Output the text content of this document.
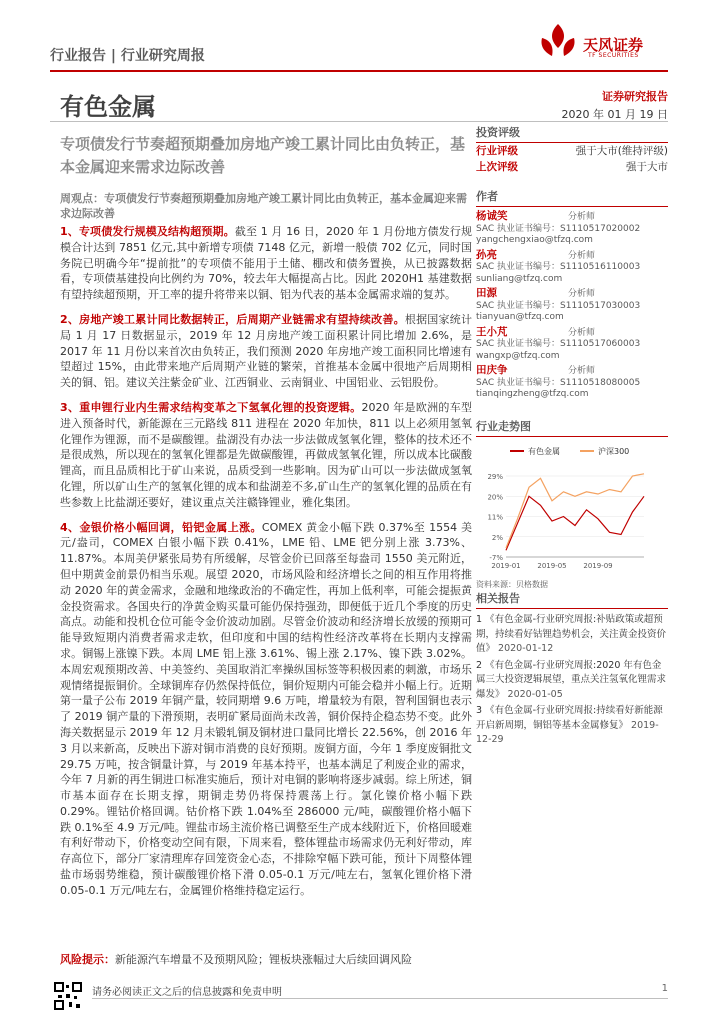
行业报告 | 行业研究周报
天风证券
TF SECURITIES
有色金属	证券研究报告
2020 年 01 月 19 日
专项债发行节奏超预期叠加房地产竣工累计同比由负转正，基本金属迎来需求边际改善
周观点：专项债发行节奏超预期叠加房地产竣工累计同比由负转正，基本金属迎来需求边际改善

1、专项债发行规模及结构超预期。截至 1 月 16 日，2020 年 1 月份地方债发行规模合计达到 7851 亿元,其中新增专项债 7148 亿元，新增一般债 702 亿元，同时国务院已明确今年“提前批”的专项债不能用于土储、棚改和债务置换，从已披露数据看，专项债基建投向比例约为 70%，较去年大幅提高占比。因此 2020H1 基建数据有望持续超预期，开工率的提升将带来以铜、铝为代表的基本金属需求端的复苏。

2、房地产竣工累计同比数据转正，后周期产业链需求有望持续改善。根据国家统计局 1 月 17 日数据显示，2019 年 12 月房地产竣工面积累计同比增加 2.6%，是 2017 年 11 月份以来首次由负转正，我们预测 2020 年房地产竣工面积同比增速有望超过 15%，由此带来地产后周期产业链的繁荣，首推基本金属中很地产后周期相关的铜、铝。建议关注紫金矿业、江西铜业、云南铜业、中国铝业、云铝股份。

3、重申锂行业内生需求结构变革之下氢氧化锂的投资逻辑。2020 年是欧洲的车型进入预备时代，新能源在三元路线 811 进程在 2020 年加快，811 以上必须用氢氧化锂作为锂源，而不是碳酸锂。盐湖没有办法一步法做成氢氧化锂，整体的技术还不是很成熟，所以现在的氢氧化锂都是先做碳酸锂，再做成氢氧化锂，所以成本比碳酸锂高，而且品质相比于矿山来说，品质受到一些影响。因为矿山可以一步法做成氢氧化锂，所以矿山生产的氢氧化锂的成本和盐湖差不多,矿山生产的氢氧化锂的品质在有些参数上比盐湖还要好，建议重点关注赣锋锂业，雅化集团。

4、金银价格小幅回调，铅钯金属上涨。COMEX 黄金小幅下跌 0.37%至 1554 美元/盎司，COMEX 白银小幅下跌 0.41%，LME 铅、LME 钯分别上涨 3.73%、11.87%。本周美伊紧张局势有所缓解，尽管金价已回落至每盎司 1550 美元附近，但中期黄金前景仍相当乐观。展望 2020，市场风险和经济增长之间的相互作用将推动 2020 年的黄金需求，金融和地缘政治的不确定性，再加上低利率，可能会提振黄金投资需求。各国央行的净黄金购买量可能仍保持强劲，即便低于近几个季度的历史高点。动能和投机仓位可能令金价波动加剧。尽管金价波动和经济增长放缓的预期可能导致短期内消费者需求走软，但印度和中国的结构性经济改革将在长期内支撑需求。铜锡上涨镍下跌。本周 LME 铝上涨 3.61%、锡上涨 2.17%、镍下跌 3.02%。本周宏观预期改善、中美签约、美国取消汇率操纵国标签等积极因素的刺激，市场乐观情绪提振铜价。全球铜库存仍然保持低位，铜价短期内可能会稳并小幅上行。近期第一量子公布 2019 年铜产量，较同期增 9.6 万吨，增量较为有限，智利国铜也表示了 2019 铜产量的下滑预期，表明矿紧局面尚未改善，铜价保持企稳态势不变。此外海关数据显示 2019 年 12 月未锻轧铜及铜材进口量同比增长 22.56%，创 2016 年 3 月以来新高，反映出下游对铜市消费的良好预期。废铜方面，今年 1 季度废铜批文 29.75 万吨，按含铜量计算，与 2019 年基本持平，也基本满足了利废企业的需求，今年 7 月新的再生铜进口标准实施后，预计对电铜的影响将逐步减弱。综上所述，铜市基本面存在长期支撑，期铜走势仍将保持震荡上行。氯化镍价格小幅下跌 0.29%。锂钴价格回调。钴价格下跌 1.04%至 286000 元/吨，碳酸锂价格小幅下跌 0.1%至 4.9 万元/吨。锂盐市场主流价格已调整至生产成本线附近下，价格回暖难有利好带动下，价格变动空间有限，下周来看，整体锂盐市场需求仍无利好带动，库存高位下，部分厂家清理库存回笼资金心态，不排除窄幅下跌可能，预计下周整体锂盐市场弱势维稳，预计碳酸锂价格下滑 0.05-0.1 万元/吨左右，氢氧化锂价格下滑 0.05-0.1 万元/吨左右，金属锂价格维持稳定运行。

风险提示：新能源汽车增量不及预期风险；锂板块涨幅过大后续回调风险
投资评级
行业评级	强于大市(维持评级)
上次评级	强于大市
作者
杨诚笑	分析师
SAC 执业证书编号：S1110517020002
yangchengxiao@tfzq.com
孙亮	分析师
SAC 执业证书编号：S1110516110003
sunliang@tfzq.com
田源	分析师
SAC 执业证书编号：S1110517030003
tianyuan@tfzq.com
王小芃	分析师
SAC 执业证书编号：S1110517060003
wangxp@tfzq.com
田庆争	分析师
SAC 执业证书编号：S1110518080005
tianqingzheng@tfzq.com
行业走势图
有色金属	沪深300
-7%
2%
11%
20%
29%
2019-01 2019-05 2019-09
资料来源：贝格数据
相关报告
1 《有色金属-行业研究周报:补贴政策或超预期，持续看好钴锂趋势机会，关注黄金投资价值》 2020-01-12
2 《有色金属-行业研究周报:2020 年有色金属三大投资逻辑展望，重点关注氢氧化锂需求爆发》 2020-01-05
3 《有色金属-行业研究周报:持续看好新能源开启新周期，铜铝等基本金属修复》 2019-12-29
请务必阅读正文之后的信息披露和免责申明	1
